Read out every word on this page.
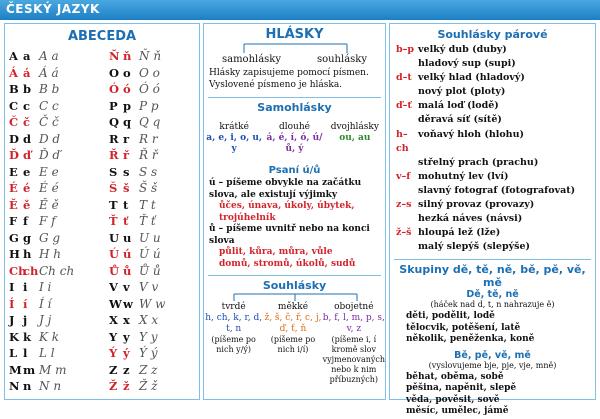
ČESKÝ JAZYK
ABECEDA
A a A a
Á á Á á
B b B b
C c C c
Č č Č č
D d D d
Ď ď Ď ď
E e E e
É é É é
Ě ě Ě ě
F f F f
G g G g
H h H h
Chch Ch ch
I i I i
Í í Í í
J j J j
K k K k
L l L l
Mm M m
N n N n
Ň ň Ň ň
O o O o
Ó ó Ó ó
P p P p
Q q Q q
R r R r
Ř ř Ř ř
S s S s
Š š Š š
T t T t
Ť ť Ť ť
U u U u
Ú ú Ú ú
Ů ů Ů ů
V v V v
Ww W w
X x X x
Y y Y y
Ý ý Ý ý
Z z Z z
Ž ž Ž ž
HLÁSKY
samohlásky	souhlásky
Hlásky zapisujeme pomocí písmen.
Vyslovené písmeno je hláska.
Samohlásky
krátké
a, e, i, o, u, y
dlouhé
á, é, í, ó, ú/ů, ý
dvojhlásky
ou, au
Psaní ú/ů
ú – píšeme obvykle na začátku slova, ale existují výjimky
ůčes, únava, úkoly, úbytek, trojúhelník
ů – píšeme uvnitř nebo na konci slova
půlit, kůra, můra, vůle
domů, stromů, úkolů, sudů
Souhlásky
tvrdé
h, ch, k, r, d, t, n
(píšeme po nich y/ý)
měkké
ž, š, č, ř, c, j, ď, ť, ň
(píšeme po nich i/í)
obojetné
b, f, l, m, p, s, v, z
(píšeme i, í kromě slov vyjmenovaných nebo k nim příbuzných)
Souhlásky párové
b–p velký dub (duby)
hladový sup (supi)
d–t velký hlad (hladový)
nový plot (ploty)
ď–ť malá loď (lodě)
děravá síť (sítě)
h–ch
voňavý hloh (hlohu)
střelný prach (prachu)
v–f mohutný lev (lví)
slavný fotograf (fotografovat)
z–s silný provaz (provazy)
hezká náves (návsi)
ž–š hloupá lež (lže)
malý slepýš (slepýše)
Skupiny dě, tě, ně, bě, pě, vě, mě
Dě, tě, ně
(háček nad d, t, n nahrazuje ě)
děti, podělit, lodě
tělocvik, potěšení, latě
několik, peněženka, koně
Bě, pě, vě, mě
(vyslovujeme bje, pje, vje, mně)
běhat, oběma, sobě
pěšina, napěnit, slepě
věda, pověsit, sově
měsíc, umělec, jámě
